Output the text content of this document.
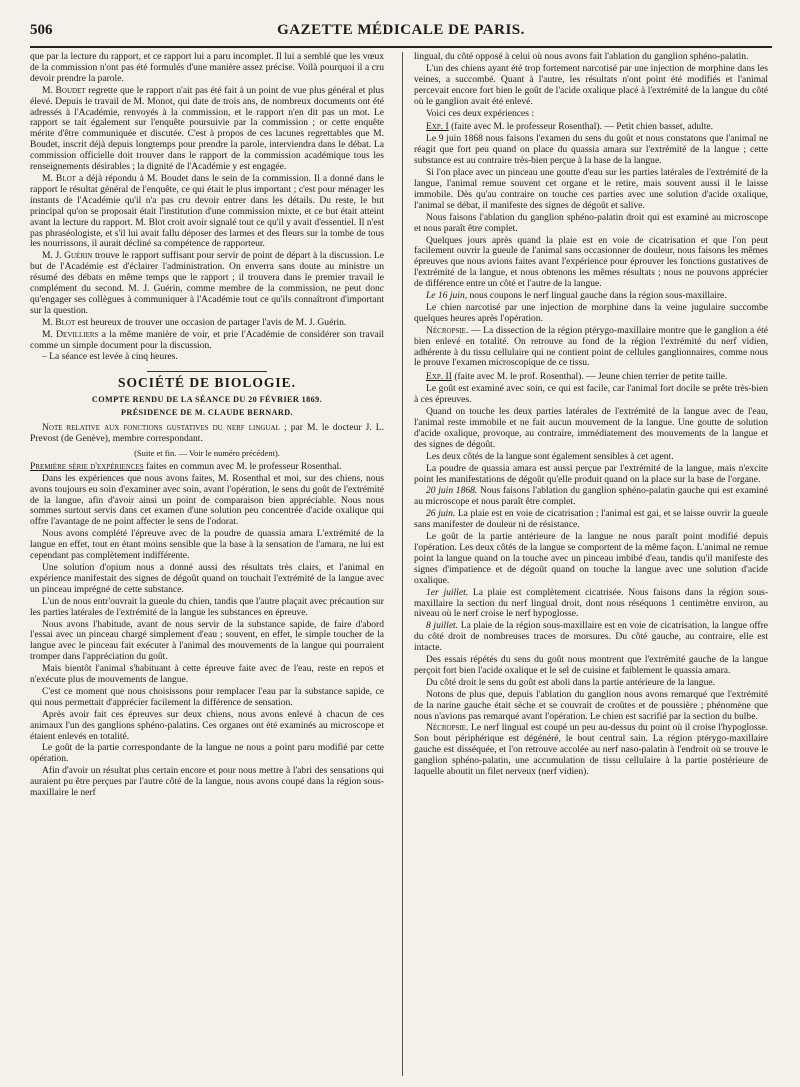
506	GAZETTE MÉDICALE DE PARIS.

que par la lecture du rapport, et ce rapport lui a paru incomplet. Il lui a semblé que les vœux de la commission n'ont pas été formulés d'une manière assez précise. Voilà pourquoi il a cru devoir prendre la parole.

M. Boudet regrette que le rapport n'ait pas été fait à un point de vue plus général et plus élevé. Depuis le travail de M. Monot, qui date de trois ans, de nombreux documents ont été adressés à l'Académie, renvoyés à la commission, et le rapport n'en dit pas un mot. Le rapport se tait également sur l'enquête poursuivie par la commission ; or cette enquête mérite d'être communiquée et discutée. C'est à propos de ces lacunes regrettables que M. Boudet, inscrit déjà depuis longtemps pour prendre la parole, interviendra dans le débat. La commission officielle doit trouver dans le rapport de la commission académique tous les renseignements désirables ; la dignité de l'Académie y est engagée.

M. Blot a déjà répondu à M. Boudet dans le sein de la commission. Il a donné dans le rapport le résultat général de l'enquête, ce qui était le plus important ; c'est pour ménager les instants de l'Académie qu'il n'a pas cru devoir entrer dans les détails. Du reste, le but principal qu'on se proposait était l'institution d'une commission mixte, et ce but était atteint avant la lecture du rapport. M. Blot croit avoir signalé tout ce qu'il y avait d'essentiel. Il n'est pas phraséologiste, et s'il lui avait fallu déposer des larmes et des fleurs sur la tombe de tous les nourrissons, il aurait décliné sa compétence de rapporteur.

M. J. Guérin trouve le rapport suffisant pour servir de point de départ à la discussion. Le but de l'Académie est d'éclairer l'administration. On enverra sans doute au ministre un résumé des débats en même temps que le rapport ; il trouvera dans le premier travail le complément du second. M. J. Guérin, comme membre de la commission, ne peut donc qu'engager ses collègues à communiquer à l'Académie tout ce qu'ils connaîtront d'important sur la question.

M. Blot est heureux de trouver une occasion de partager l'avis de M. J. Guérin.

M. Devilliers a la même manière de voir, et prie l'Académie de considérer son travail comme un simple document pour la discussion.

– La séance est levée à cinq heures.

SOCIÉTÉ DE BIOLOGIE.

COMPTE RENDU DE LA SÉANCE DU 20 FÉVRIER 1869.

PRÉSIDENCE DE M. CLAUDE BERNARD.

Note relative aux fonctions gustatives du nerf lingual ; par M. le docteur J. L. Prevost (de Genève), membre correspondant.

(Suite et fin. — Voir le numéro précédent).

Première série d'expériences faites en commun avec M. le professeur Rosenthal.

Dans les expériences que nous avons faites, M. Rosenthal et moi, sur des chiens, nous avons toujours eu soin d'examiner avec soin, avant l'opération, le sens du goût de l'extrémité de la langue, afin d'avoir ainsi un point de comparaison bien appréciable. Nous nous sommes surtout servis dans cet examen d'une solution peu concentrée d'acide oxalique qui offre l'avantage de ne point affecter le sens de l'odorat.

Nous avons complété l'épreuve avec de la poudre de quassia amara L'extrémité de la langue en effet, tout en étant moins sensible que la base à la sensation de l'amara, ne lui est cependant pas complètement indifférente.

Une solution d'opium nous a donné aussi des résultats très clairs, et l'animal en expérience manifestait des signes de dégoût quand on touchait l'extrémité de la langue avec un pinceau imprégné de cette substance.

L'un de nous entr'ouvrait la gueule du chien, tandis que l'autre plaçait avec précaution sur les parties latérales de l'extrémité de la langue les substances en épreuve.

Nous avons l'habitude, avant de nous servir de la substance sapide, de faire d'abord l'essai avec un pinceau chargé simplement d'eau ; souvent, en effet, le simple toucher de la langue avec le pinceau fait exécuter à l'animal des mouvements de la langue qui pourraient tromper dans l'appréciation du goût.

Mais bientôt l'animal s'habituant à cette épreuve faite avec de l'eau, reste en repos et n'exécute plus de mouvements de langue.

C'est ce moment que nous choisissons pour remplacer l'eau par la substance sapide, ce qui nous permettait d'apprécier facilement la différence de sensation.

Après avoir fait ces épreuves sur deux chiens, nous avons enlevé à chacun de ces animaux l'un des ganglions sphéno-palatins. Ces organes ont été examinés au microscope et étaient enlevés en totalité.

Le goût de la partie correspondante de la langue ne nous a point paru modifié par cette opération.

Afin d'avoir un résultat plus certain encore et pour nous mettre à l'abri des sensations qui auraient pu être perçues par l'autre côté de la langue, nous avons coupé dans la région sous-maxillaire le nerf

lingual, du côté opposé à celui où nous avons fait l'ablation du ganglion sphéno-palatin.

L'un des chiens ayant été trop fortement narcotisé par une injection de morphine dans les veines, a succombé. Quant à l'autre, les résultats n'ont point été modifiés et l'animal percevait encore fort bien le goût de l'acide oxalique placé à l'extrémité de la langue du côté où le ganglion avait été enlevé.

Voici ces deux expériences :

Exp. I (faite avec M. le professeur Rosenthal). — Petit chien basset, adulte.

Le 9 juin 1868 nous faisons l'examen du sens du goût et nous constatons que l'animal ne réagit que fort peu quand on place du quassia amara sur l'extrémité de la langue ; cette substance est au contraire très-bien perçue à la base de la langue.

Si l'on place avec un pinceau une goutte d'eau sur les parties latérales de l'extrémité de la langue, l'animal remue souvent cet organe et le retire, mais souvent aussi il le laisse immobile. Dès qu'au contraire on touche ces parties avec une solution d'acide oxalique, l'animal se débat, il manifeste des signes de dégoût et salive.

Nous faisons l'ablation du ganglion sphéno-palatin droit qui est examiné au microscope et nous paraît être complet.

Quelques jours après quand la plaie est en voie de cicatrisation et que l'on peut facilement ouvrir la gueule de l'animal sans occasionner de douleur, nous faisons les mêmes épreuves que nous avions faites avant l'expérience pour éprouver les fonctions gustatives de l'extrémité de la langue, et nous obtenons les mêmes résultats ; nous ne pouvons apprécier de différence entre un côté et l'autre de la langue.

Le 16 juin, nous coupons le nerf lingual gauche dans la région sous-maxillaire.

Le chien narcotisé par une injection de morphine dans la veine jugulaire succombe quelques heures après l'opération.

Nécropsie. — La dissection de la région ptérygo-maxillaire montre que le ganglion a été bien enlevé en totalité. On retrouve au fond de la région l'extrémité du nerf vidien, adhérente à du tissu cellulaire qui ne contient point de cellules ganglionnaires, comme nous le prouve l'examen microscopique de ce tissu.

Exp. II (faite avec M. le prof. Rosenthal). — Jeune chien terrier de petite taille.

Le goût est examiné avec soin, ce qui est facile, car l'animal fort docile se prête très-bien à ces épreuves.

Quand on touche les deux parties latérales de l'extrémité de la langue avec de l'eau, l'animal reste immobile et ne fait aucun mouvement de la langue. Une goutte de solution d'acide oxalique, provoque, au contraire, immédiatement des mouvements de la langue et des signes de dégoût.

Les deux côtés de la langue sont également sensibles à cet agent.

La poudre de quassia amara est aussi perçue par l'extrémité de la langue, mais n'excite point les manifestations de dégoût qu'elle produit quand on la place sur la base de l'organe.

20 juin 1868. Nous faisons l'ablation du ganglion sphéno-palatin gauche qui est examiné au microscope et nous paraît être complet.

26 juin. La plaie est en voie de cicatrisation ; l'animal est gai, et se laisse ouvrir la gueule sans manifester de douleur ni de résistance.

Le goût de la partie antérieure de la langue ne nous paraît point modifié depuis l'opération. Les deux côtés de la langue se comportent de la même façon. L'animal ne remue point la langue quand on la touche avec un pinceau imbibé d'eau, tandis qu'il manifeste des signes d'impatience et de dégoût quand on touche la langue avec une solution d'acide oxalique.

1er juillet. La plaie est complètement cicatrisée. Nous faisons dans la région sous-maxillaire la section du nerf lingual droit, dont nous réséquons 1 centimètre environ, au niveau où le nerf croise le nerf hypoglosse.

8 juillet. La plaie de la région sous-maxillaire est en voie de cicatrisation, la langue offre du côté droit de nombreuses traces de morsures. Du côté gauche, au contraire, elle est intacte.

Des essais répétés du sens du goût nous montrent que l'extrémité gauche de la langue perçoit fort bien l'acide oxalique et le sel de cuisine et faiblement le quassia amara.

Du côté droit le sens du goût est aboli dans la partie antérieure de la langue.

Notons de plus que, depuis l'ablation du ganglion nous avons remarqué que l'extrémité de la narine gauche était sèche et se couvrait de croûtes et de poussière ; phénomène que nous n'avions pas remarqué avant l'opération. Le chien est sacrifié par la section du bulbe.

Nécropsie. Le nerf lingual est coupé un peu au-dessus du point où il croise l'hypoglosse. Son bout périphérique est dégénéré, le bout central sain. La région ptérygo-maxillaire gauche est disséquée, et l'on retrouve accolée au nerf naso-palatin à l'endroit où se trouve le ganglion sphéno-palatin, une accumulation de tissu cellulaire à la partie postérieure de laquelle aboutit un filet nerveux (nerf vidien).
